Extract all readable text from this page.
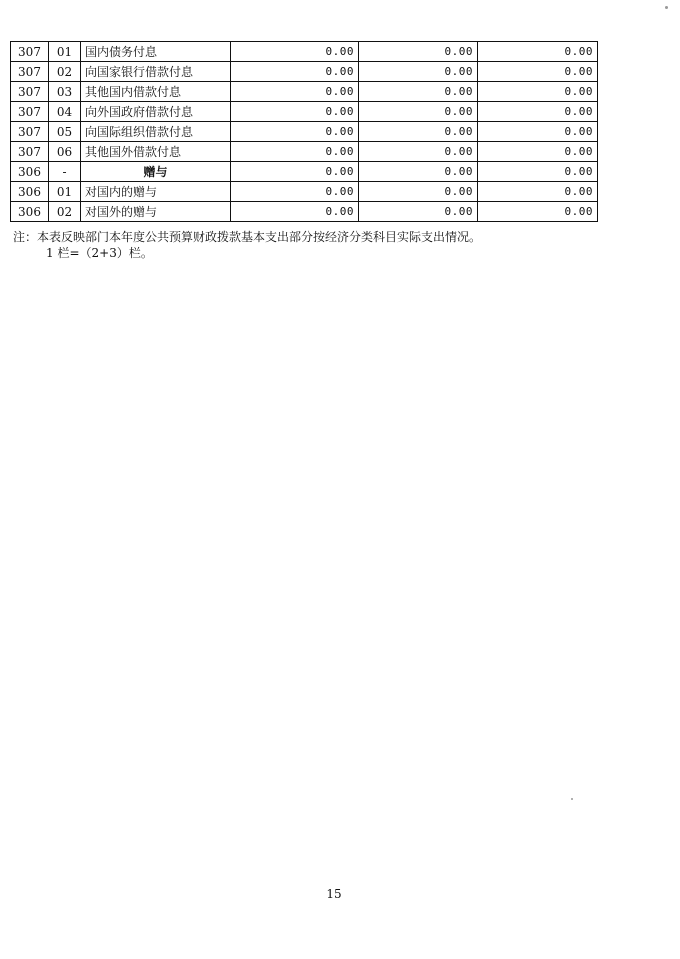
307	01	国内债务付息	0.00	0.00	0.00
307	02	向国家银行借款付息	0.00	0.00	0.00
307	03	其他国内借款付息	0.00	0.00	0.00
307	04	向外国政府借款付息	0.00	0.00	0.00
307	05	向国际组织借款付息	0.00	0.00	0.00
307	06	其他国外借款付息	0.00	0.00	0.00
306	-	赠与	0.00	0.00	0.00
306	01	对国内的赠与	0.00	0.00	0.00
306	02	对国外的赠与	0.00	0.00	0.00
注：本表反映部门本年度公共预算财政拨款基本支出部分按经济分类科目实际支出情况。
1 栏=（2+3）栏。
15
